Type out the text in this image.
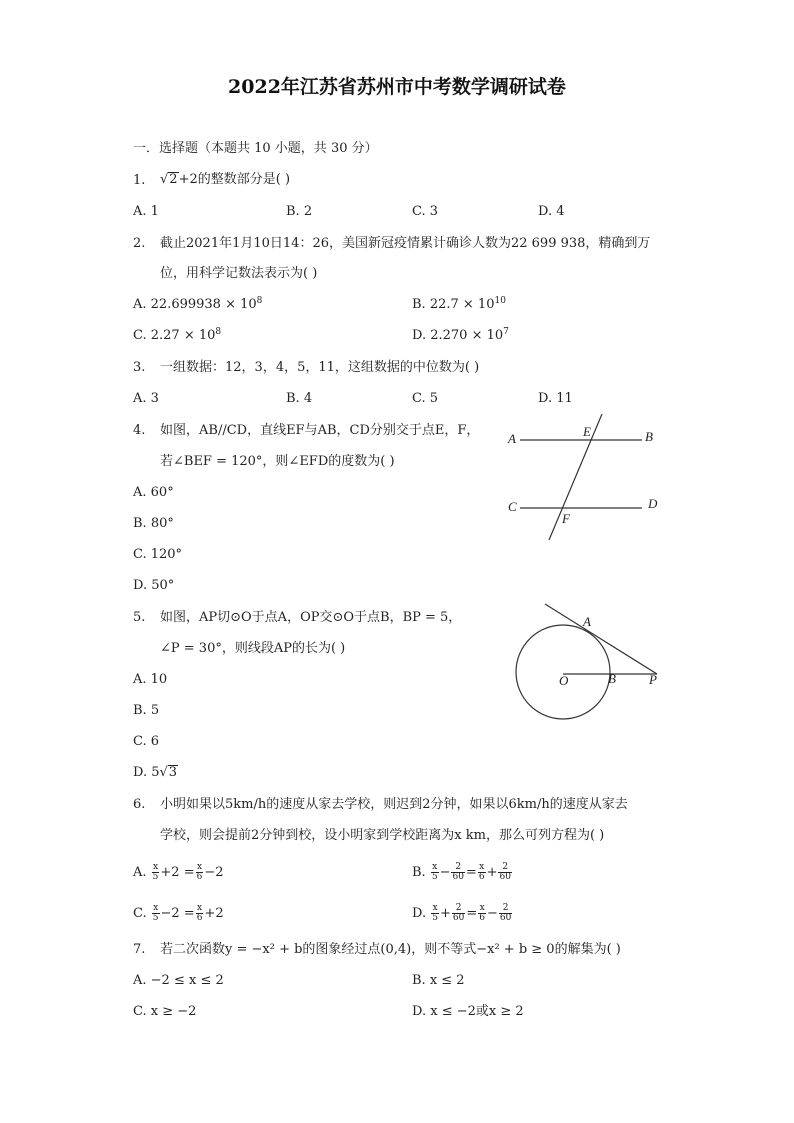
2022年江苏省苏州市中考数学调研试卷
一．选择题（本题共 10 小题，共 30 分）
1. √2+2的整数部分是( )
A. 1	B. 2	C. 3	D. 4
2. 截止2021年1月10日14：26，美国新冠疫情累计确诊人数为22 699 938，精确到万
位，用科学记数法表示为( )
A. $22.699938 \times 10^8$	B. $22.7 \times 10^{10}$
C. $2.27 \times 10^8$	D. $2.270 \times 10^7$
3. 一组数据：12，3，4，5，11，这组数据的中位数为( )
A. 3	B. 4	C. 5	D. 11
4. 如图，AB//CD，直线EF与AB，CD分别交于点E，F，
若∠BEF = 120°，则∠EFD的度数为( )
A. 60°
B. 80°
C. 120°
D. 50°
A	B
C	D
E
F
5. 如图，AP切⊙O于点A，OP交⊙O于点B，BP = 5，
∠P = 30°，则线段AP的长为( )
A. 10
B. 5
C. 6
D. 5√3
A
O	B	P
6. 小明如果以5km/h的速度从家去学校，则迟到2分钟，如果以6km/h的速度从家去
学校，则会提前2分钟到校，设小明家到学校距离为x km，那么可列方程为( )
A. $\frac{x}{5} +2 = \frac{x}{6} -2$	B. $\frac{x}{5} - \frac{2}{60} = \frac{x}{6} + \frac{2}{60}$
C. $\frac{x}{5} -2 = \frac{x}{6} +2$	D. $\frac{x}{5} + \frac{2}{60} = \frac{x}{6} - \frac{2}{60}$
7. 若二次函数y = −x² + b的图象经过点(0,4)，则不等式−x² + b ≥ 0的解集为( )
A. −2 ≤ x ≤ 2	B. x ≤ 2
C. x ≥ −2	D. x ≤ −2或x ≥ 2
